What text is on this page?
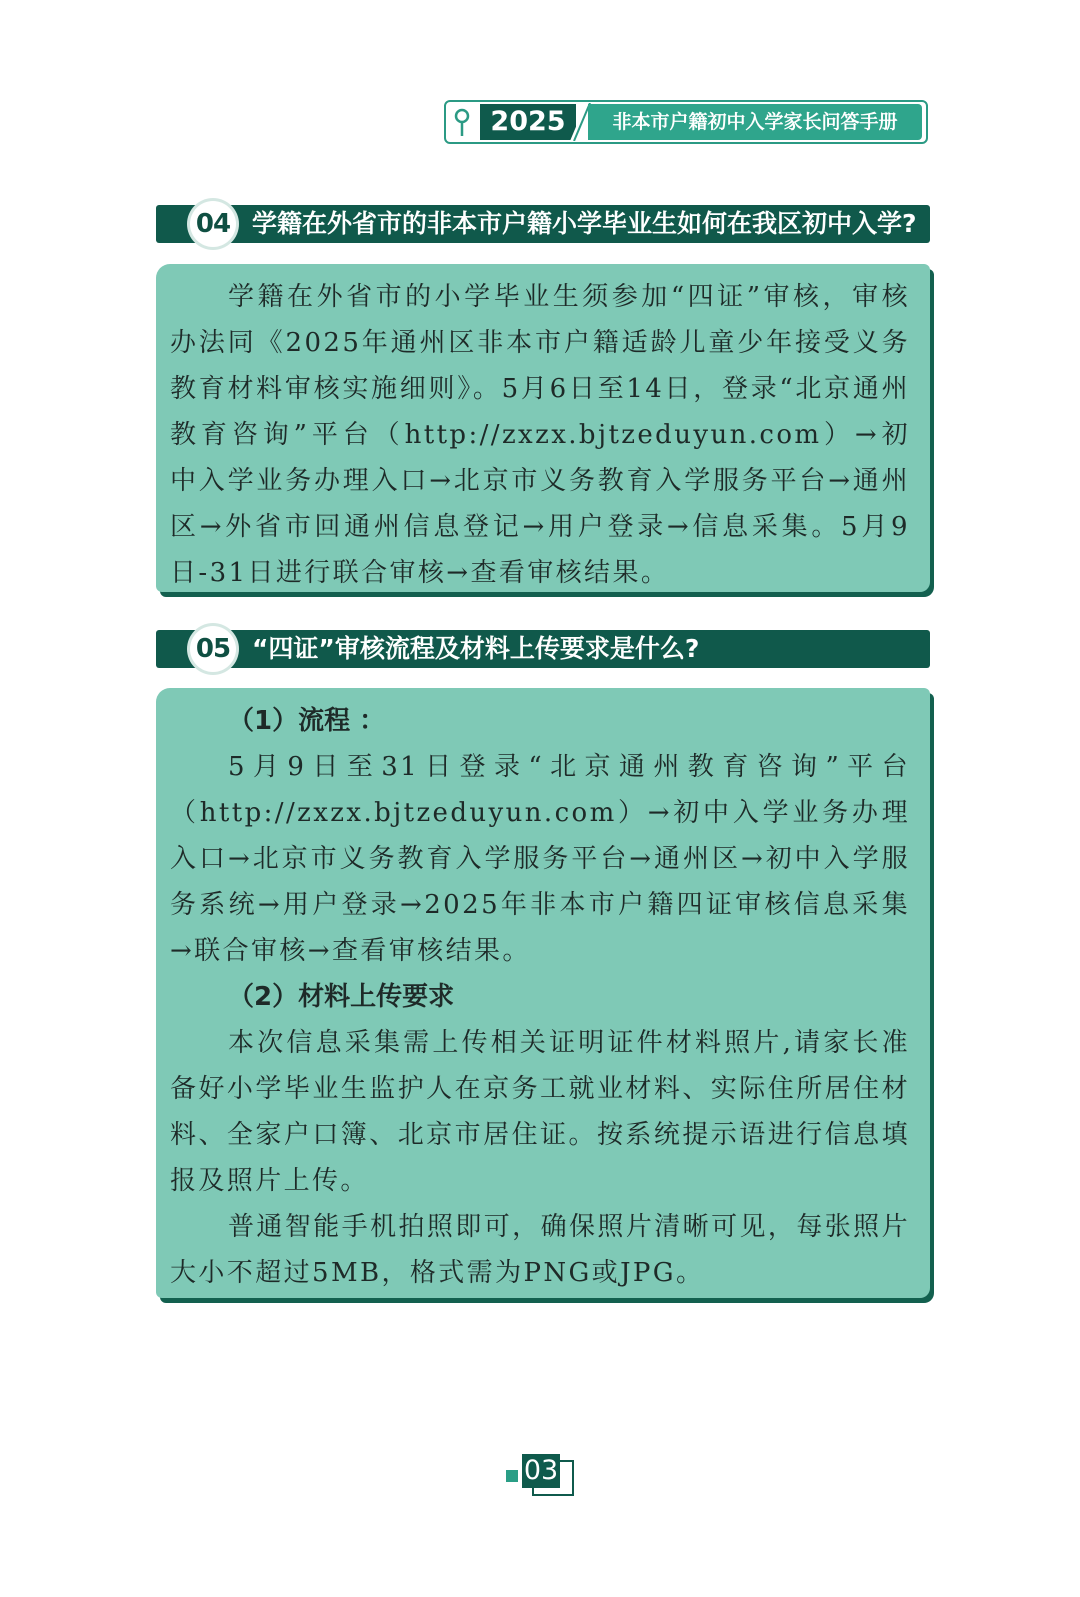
2025	非本市户籍初中入学家长问答手册
04 学籍在外省市的非本市户籍小学毕业生如何在我区初中入学?

学籍在外省市的小学毕业生须参加“四证”审核，审核办法同《2025年通州区非本市户籍适龄儿童少年接受义务教育材料审核实施细则》。5月6日至14日，登录“北京通州教育咨询”平台（http://zxzx.bjtzeduyun.com）→初中入学业务办理入口→北京市义务教育入学服务平台→通州区→外省市回通州信息登记→用户登录→信息采集。5月9日-31日进行联合审核→查看审核结果。

05 “四证”审核流程及材料上传要求是什么?
（1）流程 ：

5月9日至31日登录“北京通州教育咨询”平台（http://zxzx.bjtzeduyun.com）→初中入学业务办理入口→北京市义务教育入学服务平台→通州区→初中入学服务系统→用户登录→2025年非本市户籍四证审核信息采集→联合审核→查看审核结果。

（2）材料上传要求

本次信息采集需上传相关证明证件材料照片,请家长准备好小学毕业生监护人在京务工就业材料、实际住所居住材料、全家户口簿、北京市居住证。按系统提示语进行信息填报及照片上传。

普通智能手机拍照即可，确保照片清晰可见，每张照片大小不超过5MB，格式需为PNG或JPG。

03
